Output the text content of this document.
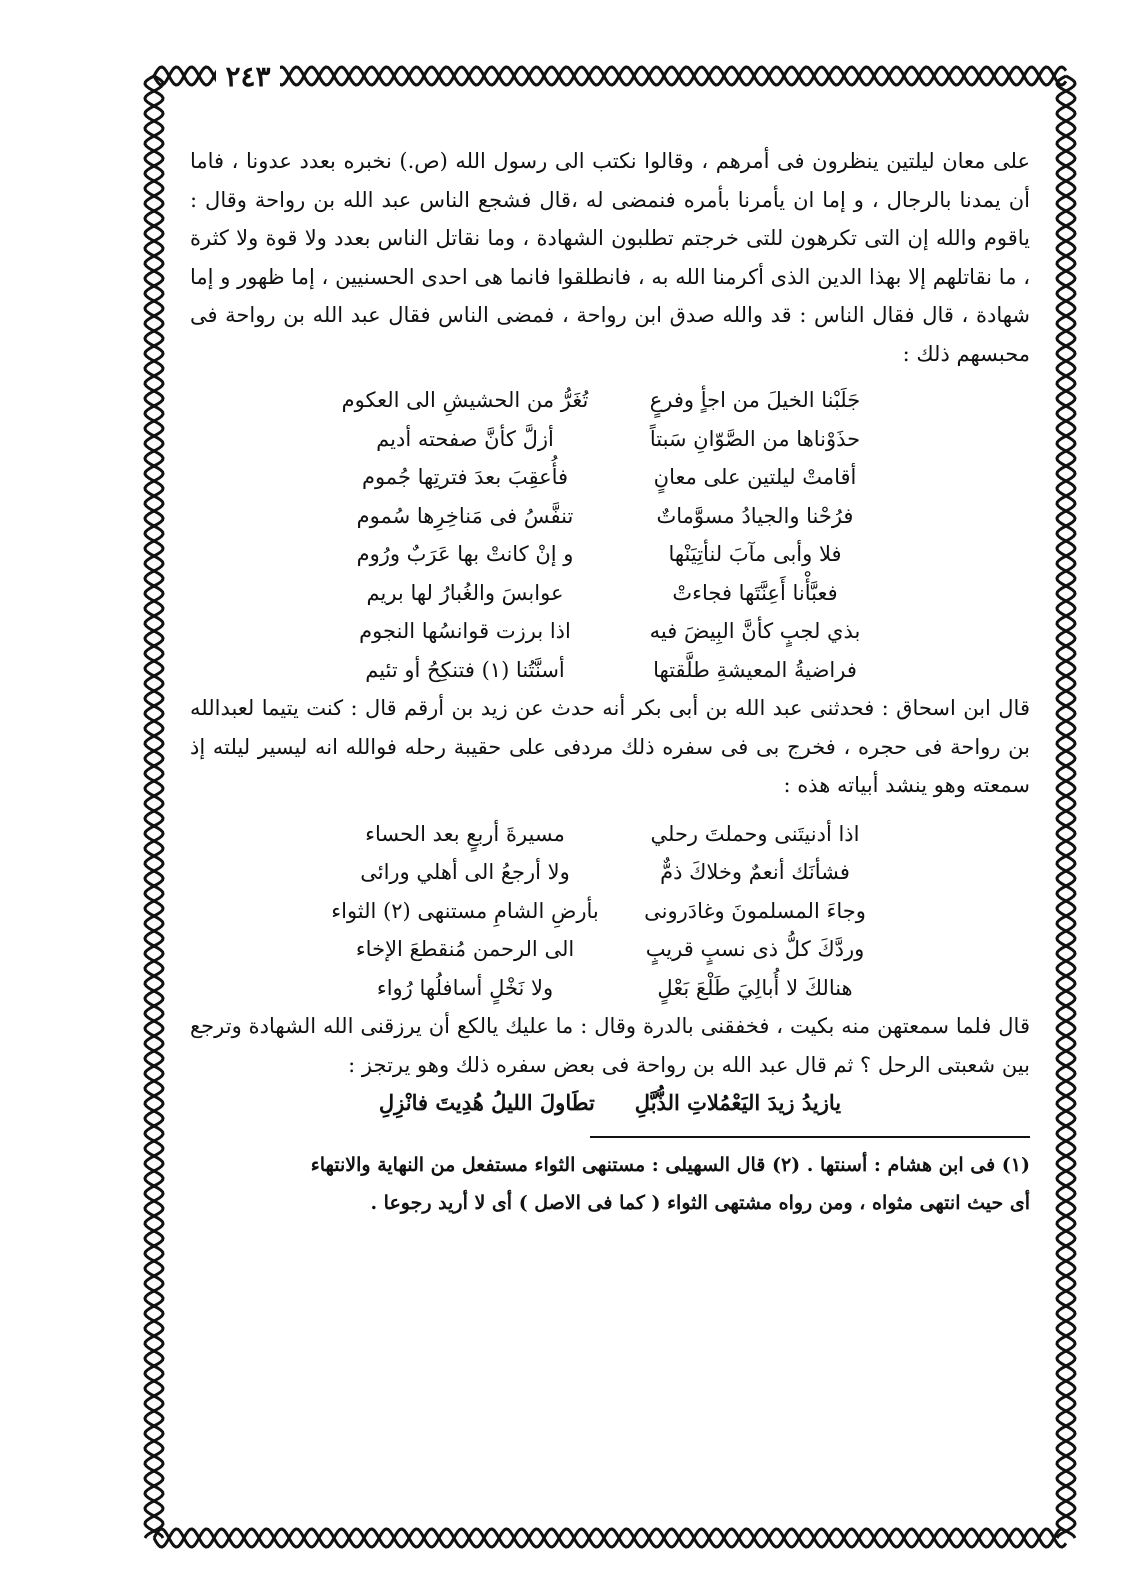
٢٤٣

على معان ليلتين ينظرون فى أمرهم ، وقالوا نكتب الى رسول الله (ص.) نخبره بعدد عدونا ، فاما أن يمدنا بالرجال ، و إما ان يأمرنا بأمره فنمضى له ،قال فشجع الناس عبد الله بن رواحة وقال : ياقوم والله إن التى تكرهون للتى خرجتم تطلبون الشهادة ، وما نقاتل الناس بعدد ولا قوة ولا كثرة ، ما نقاتلهم إلا بهذا الدين الذى أكرمنا الله به ، فانطلقوا فانما هى احدى الحسنيين ، إما ظهور و إما شهادة ، قال فقال الناس : قد والله صدق ابن رواحة ، فمضى الناس فقال عبد الله بن رواحة فى محبسهم ذلك :

جَلَبْنا الخيلَ من اجأٍ وفرعٍ
تُغَرُّ من الحشيشِ الى العكوم
حذَوْناها من الصَّوّانِ سَبتاً
أزلَّ كأنَّ صفحته أديم
أقامتْ ليلتين على معانٍ
فأُعقِبَ بعدَ فترتِها جُموم
فرُحْنا والجيادُ مسوَّماتٌ
تنفَّسُ فى مَناخِرِها سُموم
فلا وأبى مآبَ لنأتِيَنْها
و إنْ كانتْ بها عَرَبٌ ورُوم
فعبَّأْنا أَعِنَّتَها فجاءتْ
عوابسَ والغُبارُ لها بريم
بذي لجبٍ كأنَّ البِيضَ فيه
اذا برزت قوانسُها النجوم
فراضيةُ المعيشةِ طلَّقتها
أسنَّتُنا (١) فتنكِحُ أو تئيم

قال ابن اسحاق : فحدثنى عبد الله بن أبى بكر أنه حدث عن زيد بن أرقم قال : كنت يتيما لعبدالله بن رواحة فى حجره ، فخرج بى فى سفره ذلك مردفى على حقيبة رحله فوالله انه ليسير ليلته إذ سمعته وهو ينشد أبياته هذه :

اذا أدنيتَنى وحملتَ رحلي
مسيرةَ أربعٍ بعد الحساء
فشأنَك أنعمٌ وخلاكَ ذمٌّ
ولا أرجعُ الى أهلي ورائى
وجاءَ المسلمونَ وغادَرونى
بأرضِ الشامِ مستنهى (٢) الثواء
وردَّكَ كلُّ ذى نسبٍ قريبٍ
الى الرحمن مُنقطعَ الإخاء
هنالكَ لا أُبالِيَ طَلْعَ بَعْلٍ
ولا نَخْلٍ أسافلُها رُواء

قال فلما سمعتهن منه بكيت ، فخفقنى بالدرة وقال : ما عليك يالكع أن يرزقنى الله الشهادة وترجع بين شعبتى الرحل ؟ ثم قال عبد الله بن رواحة فى بعض سفره ذلك وهو يرتجز :

يازيدُ زيدَ اليَعْمُلاتِ الذُّبَّلِ
تطَاولَ الليلُ هُدِيتَ فانْزِلِ

(١) فى ابن هشام : أسنتها . (٢) قال السهيلى : مستنهى الثواء مستفعل من النهاية والانتهاء

أى حيث انتهى مثواه ، ومن رواه مشتهى الثواء ( كما فى الاصل ) أى لا أريد رجوعا .
